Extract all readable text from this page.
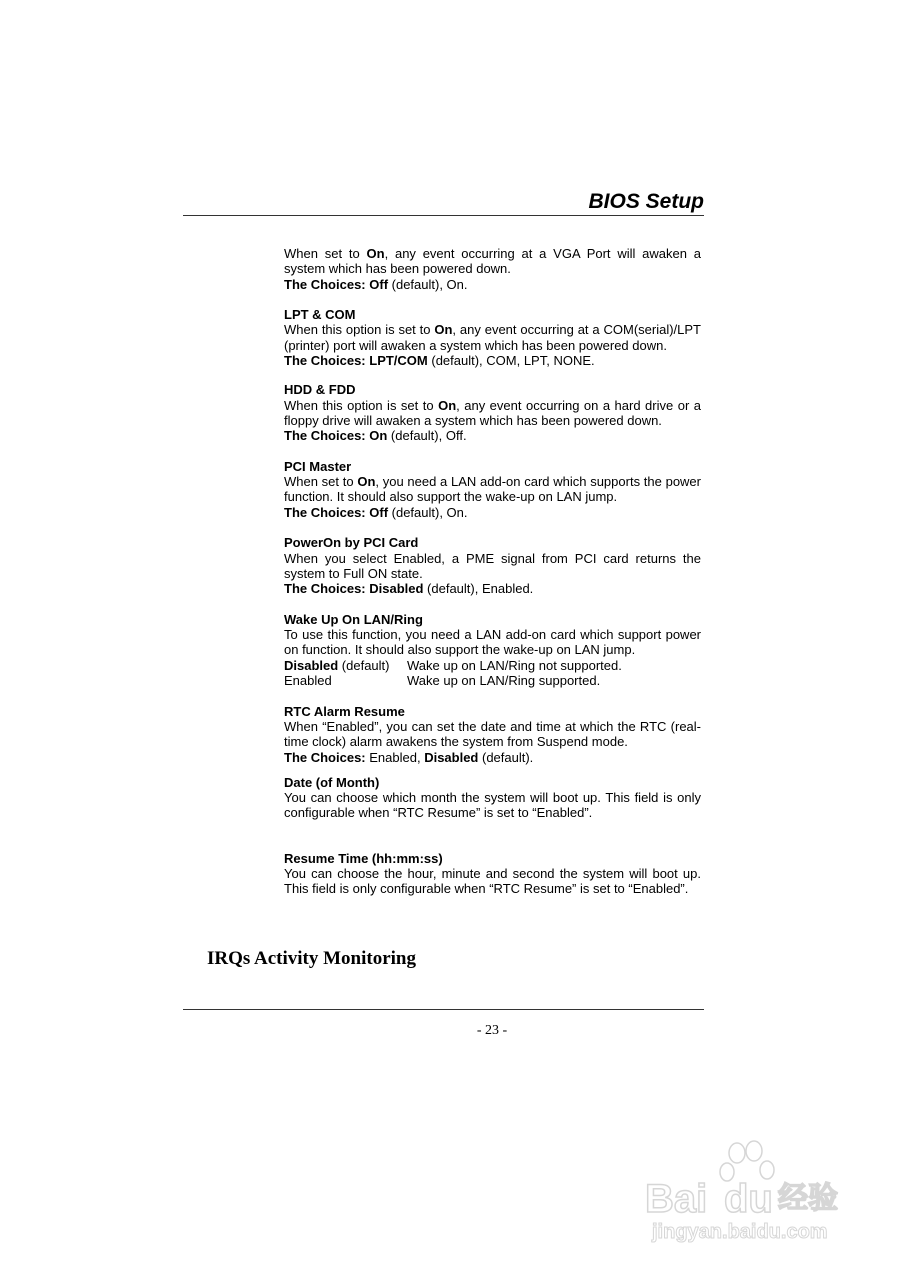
BIOS Setup

When set to On, any event occurring at a VGA Port will awaken a system which has been powered down.

The Choices: Off (default), On.

LPT & COM

When this option is set to On, any event occurring at a COM(serial)/LPT (printer) port will awaken a system which has been powered down.

The Choices: LPT/COM (default), COM, LPT, NONE.

HDD & FDD

When this option is set to On, any event occurring on a hard drive or a floppy drive will awaken a system which has been powered down.

The Choices: On (default), Off.

PCI Master

When set to On, you need a LAN add-on card which supports the power function. It should also support the wake-up on LAN jump.

The Choices: Off (default), On.

PowerOn by PCI Card

When you select Enabled, a PME signal from PCI card returns the system to Full ON state.

The Choices: Disabled (default), Enabled.

Wake Up On LAN/Ring

To use this function, you need a LAN add-on card which support power on function. It should also support the wake-up on LAN jump.

Disabled (default)	Wake up on LAN/Ring not supported.
Enabled	Wake up on LAN/Ring supported.

RTC Alarm Resume

When “Enabled”, you can set the date and time at which the RTC (real-time clock) alarm awakens the system from Suspend mode.

The Choices: Enabled, Disabled (default).

Date (of Month)

You can choose which month the system will boot up. This field is only configurable when “RTC Resume” is set to “Enabled”.

Resume Time (hh:mm:ss)

You can choose the hour, minute and second the system will boot up. This field is only configurable when “RTC Resume” is set to “Enabled”.

IRQs Activity Monitoring
- 23 -
Bai du 经验
jingyan.baidu.com
